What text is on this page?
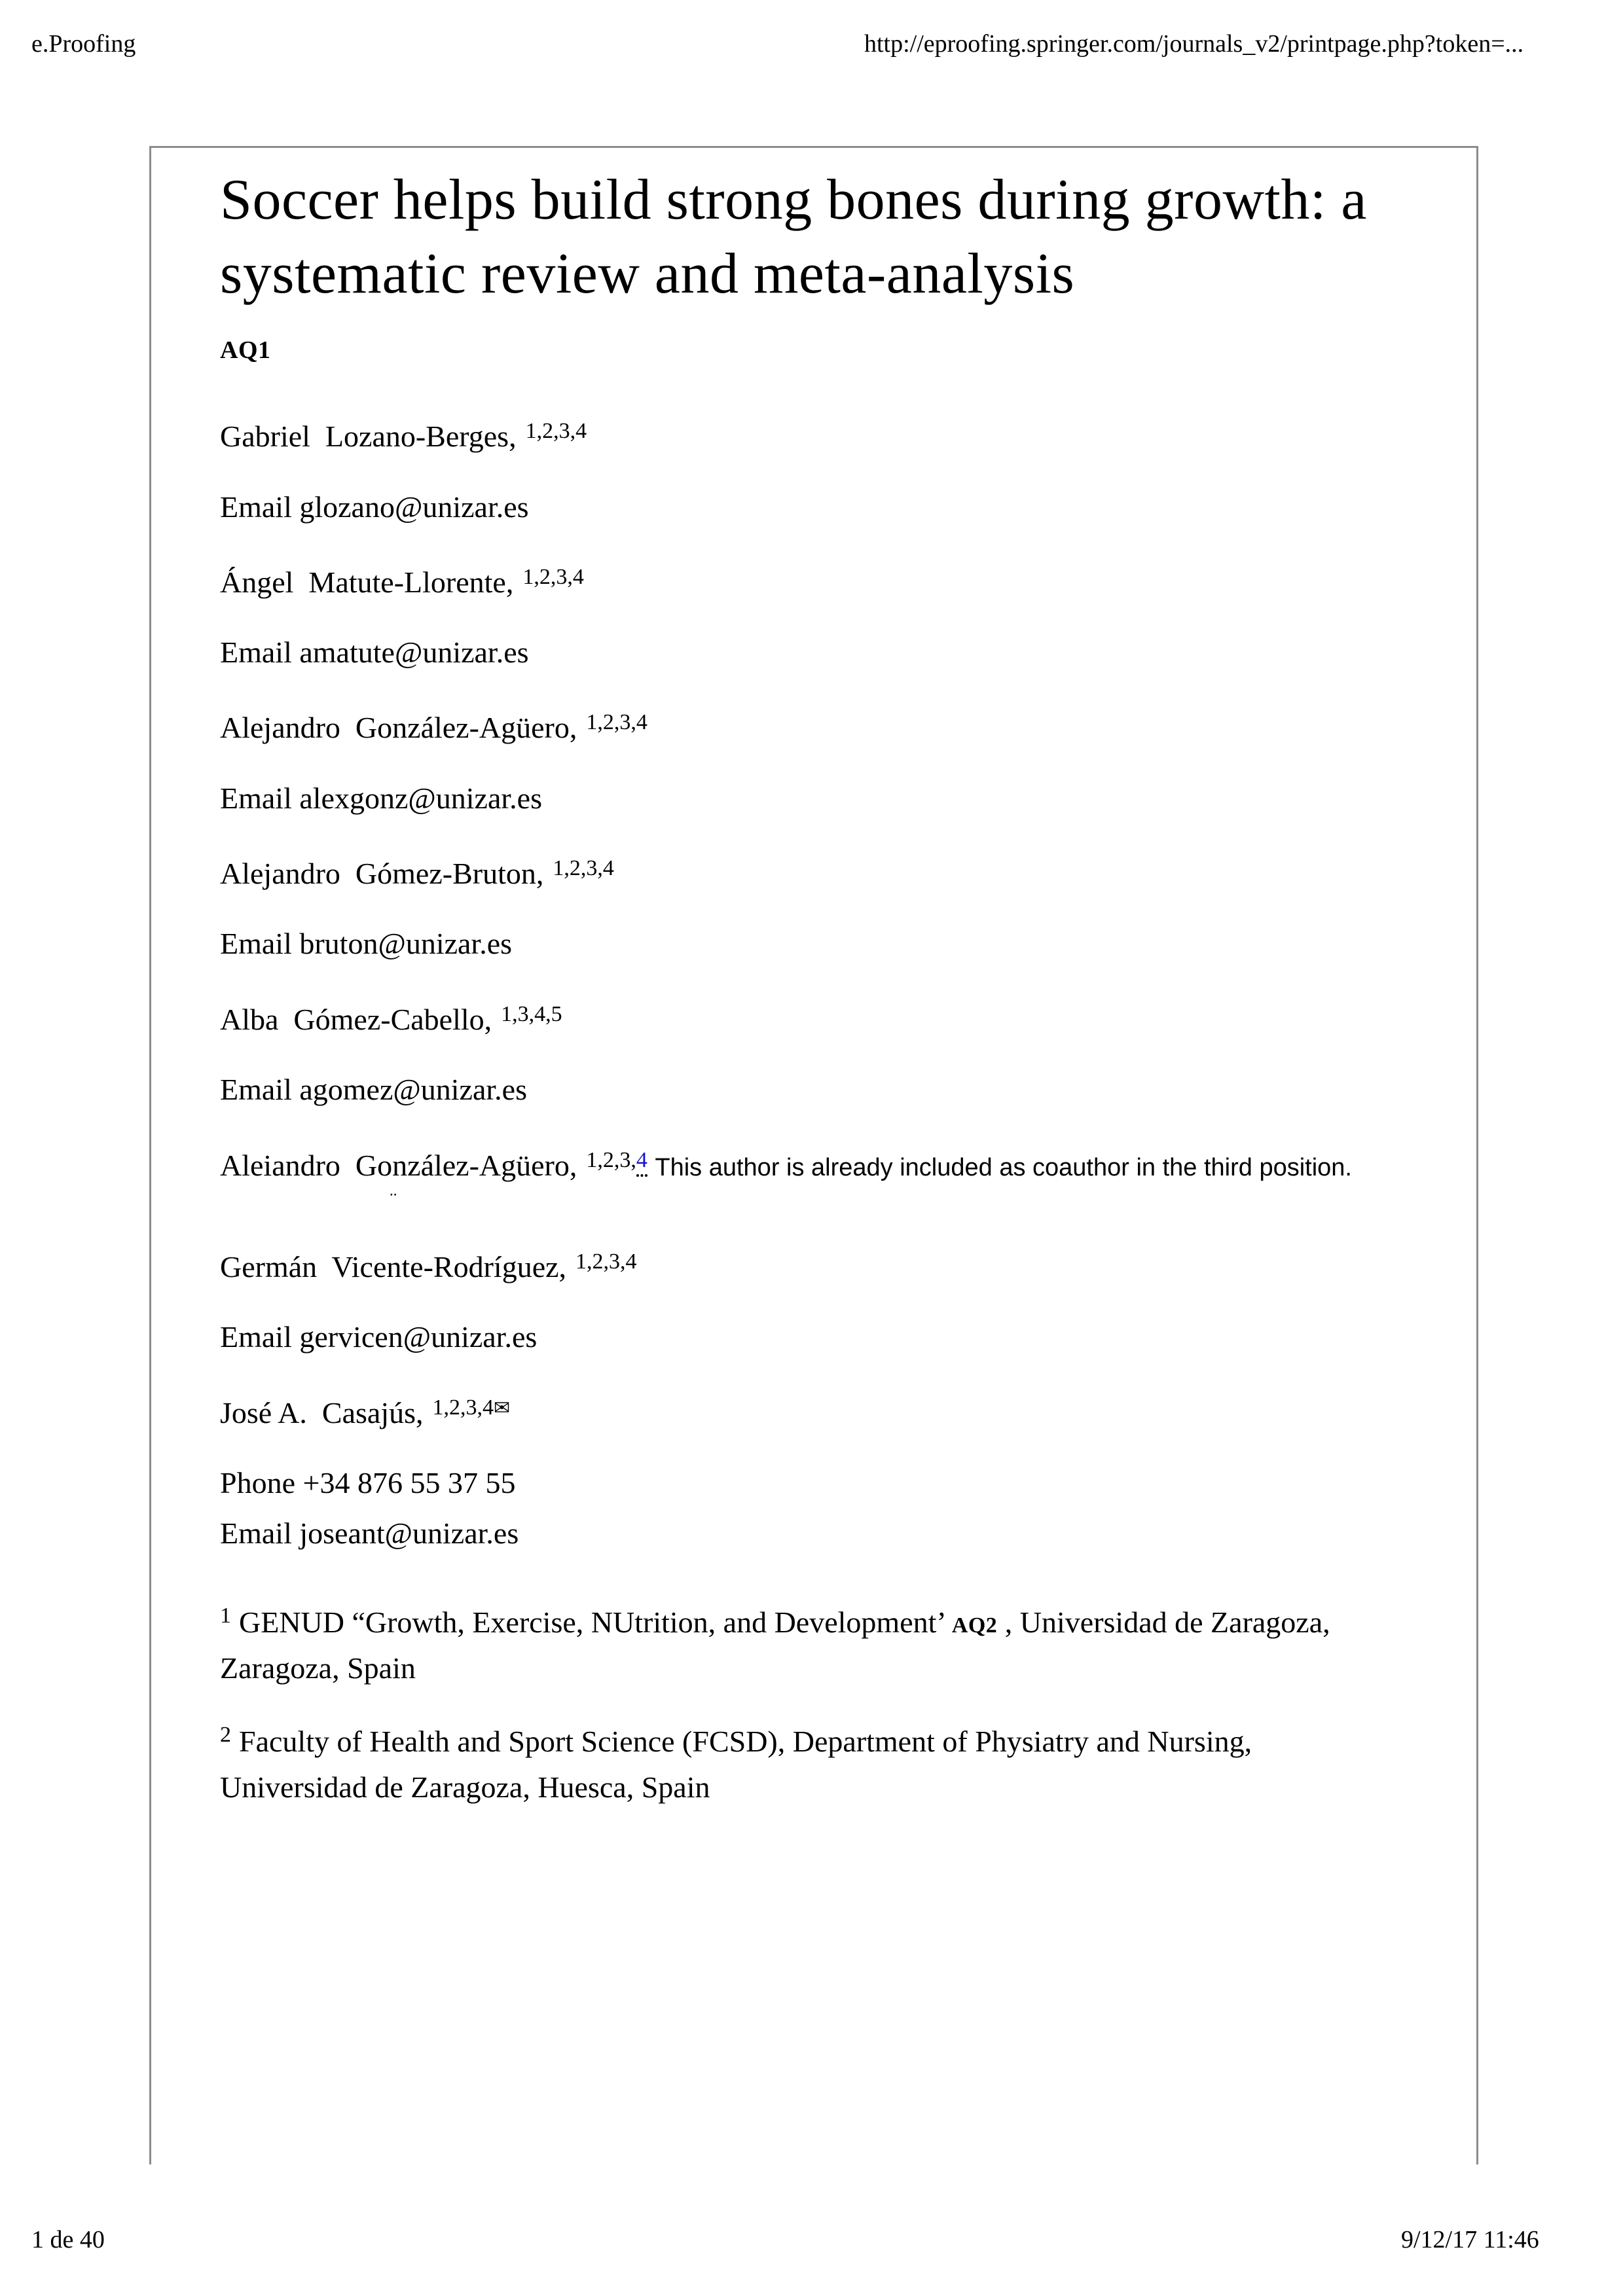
e.Proofing	http://eproofing.springer.com/journals_v2/printpage.php?token=...
Soccer helps build strong bones during growth: a systematic review and meta-analysis
AQ1
Gabriel  Lozano-Berges, $^{1,2,3,4}$
Email glozano@unizar.es
Ángel  Matute-Llorente, $^{1,2,3,4}$
Email amatute@unizar.es
Alejandro  González-Agüero, $^{1,2,3,4}$
Email alexgonz@unizar.es
Alejandro  Gómez-Bruton, $^{1,2,3,4}$
Email bruton@unizar.es
Alba  Gómez-Cabello, $^{1,3,4,5}$
Email agomez@unizar.es
Aleiandro  González-Agüero, $^{1,2,3,4}$ This author is already included as coauthor in the third position.
¨
Germán  Vicente-Rodríguez, $^{1,2,3,4}$
Email gervicen@unizar.es
José A.  Casajús, $^{1,2,3,4✉}$
Phone +34 876 55 37 55
Email joseant@unizar.es
$^1$ GENUD “Growth, Exercise, NUtrition, and Development’ AQ2 , Universidad de Zaragoza, Zaragoza, Spain
$^2$ Faculty of Health and Sport Science (FCSD), Department of Physiatry and Nursing, Universidad de Zaragoza, Huesca, Spain
1 de 40	9/12/17 11:46
